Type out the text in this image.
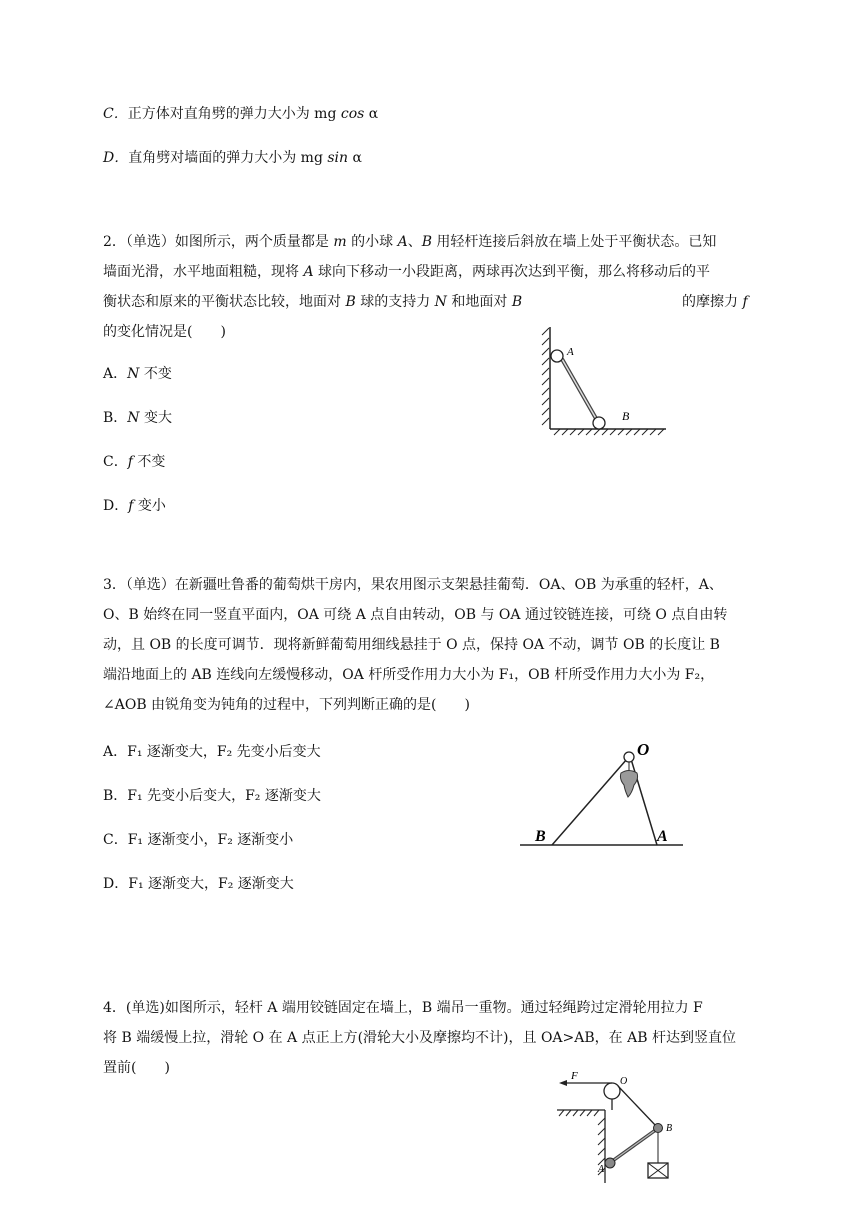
C．正方体对直角劈的弹力大小为 mg cos α
D．直角劈对墙面的弹力大小为 mg sin α
2．（单选）如图所示，两个质量都是 m 的小球 A、B 用轻杆连接后斜放在墙上处于平衡状态。已知
墙面光滑，水平地面粗糙，现将 A 球向下移动一小段距离，两球再次达到平衡，那么将移动后的平
衡状态和原来的平衡状态比较，地面对 B 球的支持力 N 和地面对 B	的摩擦力 f
的变化情况是(　　)
A．N 不变
B．N 变大
C．f 不变
D．f 变小
A
B
3．（单选）在新疆吐鲁番的葡萄烘干房内，果农用图示支架悬挂葡萄．OA、OB 为承重的轻杆，A、
O、B 始终在同一竖直平面内，OA 可绕 A 点自由转动，OB 与 OA 通过铰链连接，可绕 O 点自由转
动，且 OB 的长度可调节．现将新鲜葡萄用细线悬挂于 O 点，保持 OA 不动，调节 OB 的长度让 B
端沿地面上的 AB 连线向左缓慢移动，OA 杆所受作用力大小为 F₁，OB 杆所受作用力大小为 F₂，
∠AOB 由锐角变为钝角的过程中，下列判断正确的是(　　)
A．F₁ 逐渐变大，F₂ 先变小后变大
B．F₁ 先变小后变大，F₂ 逐渐变大
C．F₁ 逐渐变小，F₂ 逐渐变小
D．F₁ 逐渐变大，F₂ 逐渐变大
O
B	A
4．(单选)如图所示，轻杆 A 端用铰链固定在墙上，B 端吊一重物。通过轻绳跨过定滑轮用拉力 F
将 B 端缓慢上拉，滑轮 O 在 A 点正上方(滑轮大小及摩擦均不计)，且 OA>AB，在 AB 杆达到竖直位
置前(　　)	F	O
B
A
